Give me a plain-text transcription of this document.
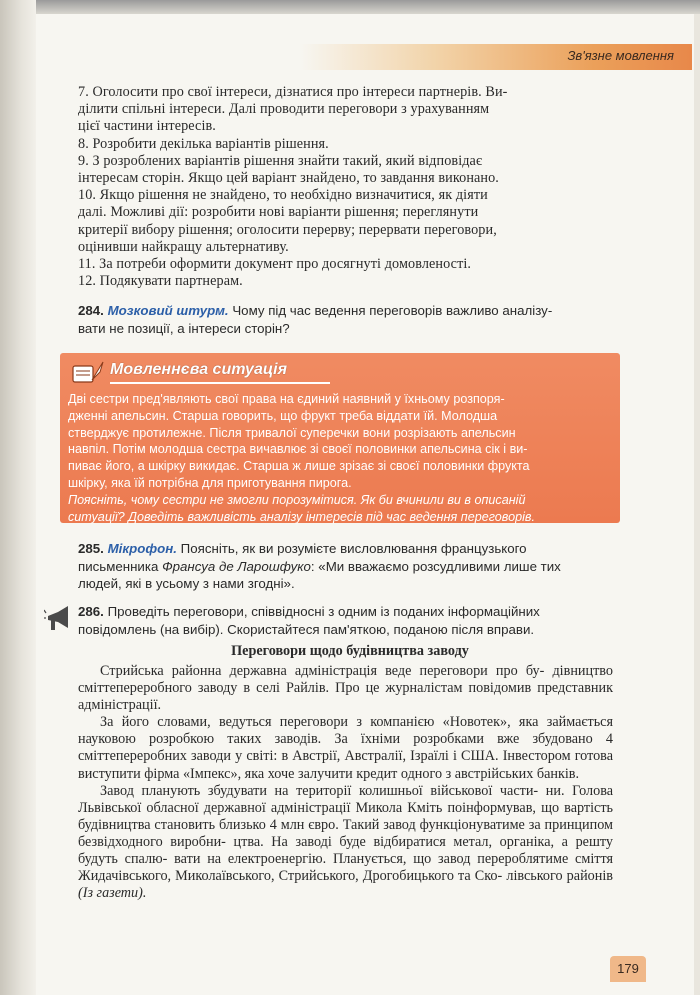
Зв'язне мовлення

7. Оголосити про свої інтереси, дізнатися про інтереси партнерів. Ви-

ділити спільні інтереси. Далі проводити переговори з урахуванням

цієї частини інтересів.

8. Розробити декілька варіантів рішення.

9. З розроблених варіантів рішення знайти такий, який відповідає

інтересам сторін. Якщо цей варіант знайдено, то завдання виконано.

10. Якщо рішення не знайдено, то необхідно визначитися, як діяти

далі. Можливі дії: розробити нові варіанти рішення; переглянути

критерії вибору рішення; оголосити перерву; перервати переговори,

оцінивши найкращу альтернативу.

11. За потреби оформити документ про досягнуті домовленості.

12. Подякувати партнерам.

284. Мозковий штурм. Чому під час ведення переговорів важливо аналізу-
вати не позиції, а інтереси сторін?
Мовленнєва ситуація

Дві сестри пред'являють свої права на єдиний наявний у їхньому розпоря-

дженні апельсин. Старша говорить, що фрукт треба віддати їй. Молодша

стверджує протилежне. Після тривалої суперечки вони розрізають апельсин

навпіл. Потім молодша сестра вичавлює зі своєї половинки апельсина сік і ви-

пиває його, а шкірку викидає. Старша ж лише зрізає зі своєї половинки фрукта

шкірку, яка їй потрібна для приготування пирога.

Поясніть, чому сестри не змогли порозумітися. Як би вчинили ви в описаній

ситуації? Доведіть важливість аналізу інтересів під час ведення переговорів.

285. Мікрофон. Поясніть, як ви розумієте висловлювання французького
письменника Франсуа де Ларошфуко: «Ми вважаємо розсудливими лише тих
людей, які в усьому з нами згодні».
286. Проведіть переговори, співвідносні з одним із поданих інформаційних
повідомлень (на вибір). Скористайтеся пам'яткою, поданою після вправи.
Переговори щодо будівництва заводу

Стрийська районна державна адміністрація веде переговори про бу- дівництво сміттепереробного заводу в селі Райлів. Про це журналістам повідомив представник адміністрації.

За його словами, ведуться переговори з компанією «Новотек», яка займається науковою розробкою таких заводів. За їхніми розробками вже збудовано 4 сміттепереробних заводи у світі: в Австрії, Австралії, Ізраїлі і США. Інвестором готова виступити фірма «Імпекс», яка хоче залучити кредит одного з австрійських банків.

Завод планують збудувати на території колишньої військової части- ни. Голова Львівської обласної державної адміністрації Микола Кміть поінформував, що вартість будівництва становить близько 4 млн євро. Такий завод функціонуватиме за принципом безвідходного виробни- цтва. На заводі буде відбиратися метал, органіка, а решту будуть спалю- вати на електроенергію. Планується, що завод перероблятиме сміття Жидачівського, Миколаївського, Стрийського, Дрогобицького та Ско- лівського районів (Із газети).

179
